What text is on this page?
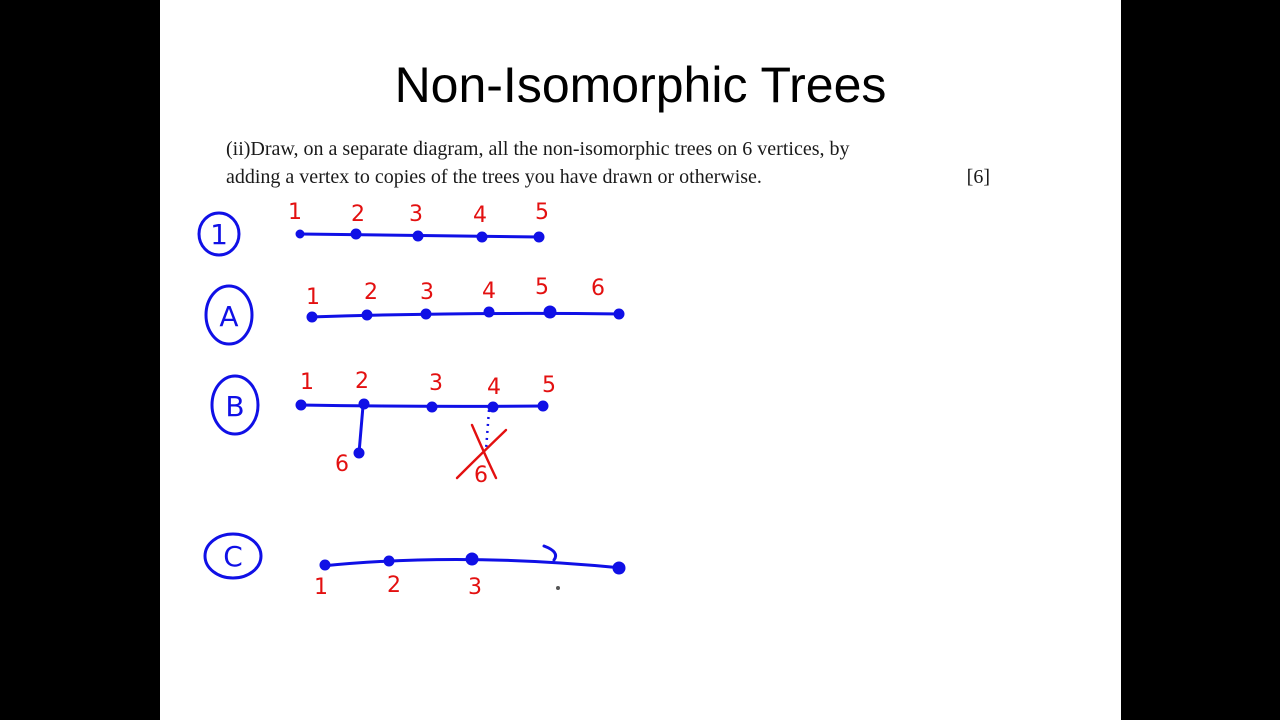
Non-Isomorphic Trees
(ii)Draw, on a separate diagram, all the non-isomorphic trees on 6 vertices, by
adding a vertex to copies of the trees you have drawn or otherwise.	[6]
1
1 2 3 4 5
A
1 2 3 4 5 6
B
1 2	3 4 5
6	6
C
1	2	3
